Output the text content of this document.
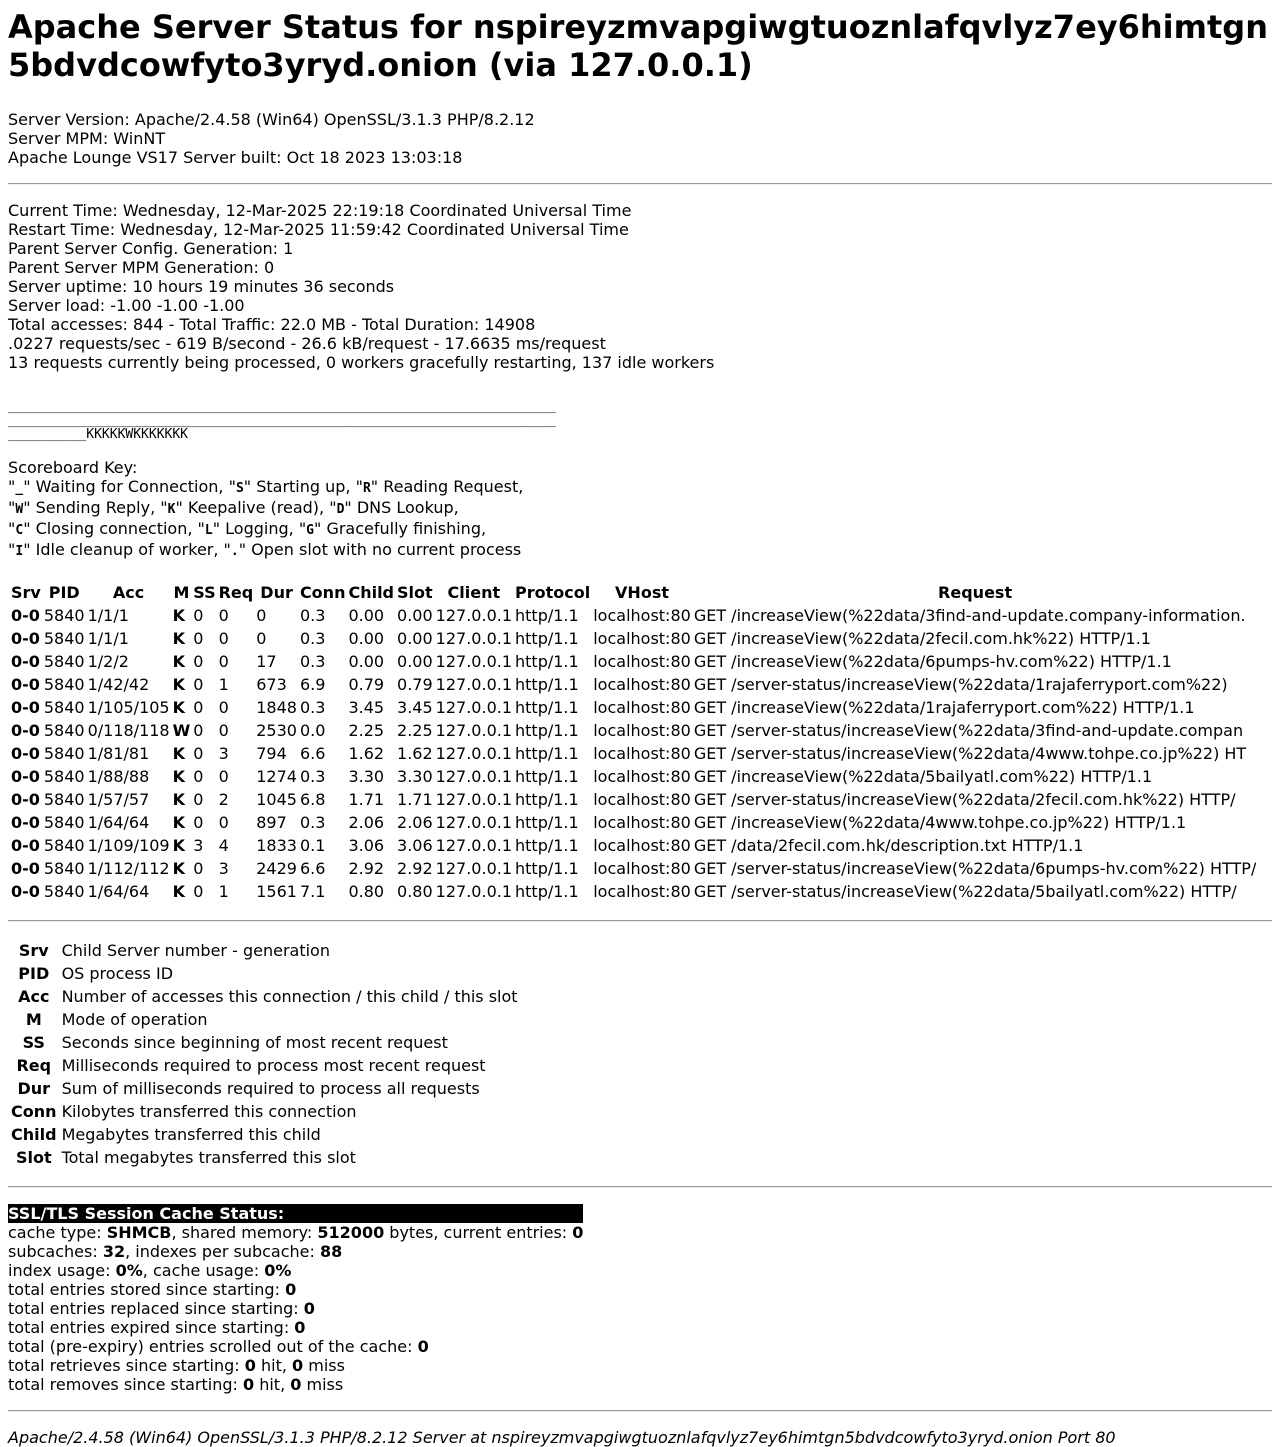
Apache Server Status for nspireyzmvapgiwgtuoznlafqvlyz7ey6himtgn5bdvdcowfyto3yryd.onion (via 127.0.0.1)
Server Version: Apache/2.4.58 (Win64) OpenSSL/3.1.3 PHP/8.2.12
Server MPM: WinNT
Apache Lounge VS17 Server built: Oct 18 2023 13:03:18
Current Time: Wednesday, 12-Mar-2025 22:19:18 Coordinated Universal Time
Restart Time: Wednesday, 12-Mar-2025 11:59:42 Coordinated Universal Time
Parent Server Config. Generation: 1
Parent Server MPM Generation: 0
Server uptime: 10 hours 19 minutes 36 seconds
Server load: -1.00 -1.00 -1.00
Total accesses: 844 - Total Traffic: 22.0 MB - Total Duration: 14908
.0227 requests/sec - 619 B/second - 26.6 kB/request - 17.6635 ms/request
13 requests currently being processed, 0 workers gracefully restarting, 137 idle workers
______________________________________________________________________
______________________________________________________________________
__________KKKKKWKKKKKKK
Scoreboard Key:
"_" Waiting for Connection, "S" Starting up, "R" Reading Request,
"W" Sending Reply, "K" Keepalive (read), "D" DNS Lookup,
"C" Closing connection, "L" Logging, "G" Gracefully finishing,
"I" Idle cleanup of worker, "." Open slot with no current process
Srv	PID	Acc	M	SS	Req	Dur	Conn	Child	Slot	Client	Protocol	VHost	Request
0-0	5840	1/1/1	K	0	0	0	0.3	0.00	0.00	127.0.0.1	http/1.1	localhost:80	GET /increaseView(%22data/3find-and-update.company-information.
0-0	5840	1/1/1	K	0	0	0	0.3	0.00	0.00	127.0.0.1	http/1.1	localhost:80	GET /increaseView(%22data/2fecil.com.hk%22) HTTP/1.1
0-0	5840	1/2/2	K	0	0	17	0.3	0.00	0.00	127.0.0.1	http/1.1	localhost:80	GET /increaseView(%22data/6pumps-hv.com%22) HTTP/1.1
0-0	5840	1/42/42	K	0	1	673	6.9	0.79	0.79	127.0.0.1	http/1.1	localhost:80	GET /server-status/increaseView(%22data/1rajaferryport.com%22)
0-0	5840	1/105/105	K	0	0	1848	0.3	3.45	3.45	127.0.0.1	http/1.1	localhost:80	GET /increaseView(%22data/1rajaferryport.com%22) HTTP/1.1
0-0	5840	0/118/118	W	0	0	2530	0.0	2.25	2.25	127.0.0.1	http/1.1	localhost:80	GET /server-status/increaseView(%22data/3find-and-update.compan
0-0	5840	1/81/81	K	0	3	794	6.6	1.62	1.62	127.0.0.1	http/1.1	localhost:80	GET /server-status/increaseView(%22data/4www.tohpe.co.jp%22) HT
0-0	5840	1/88/88	K	0	0	1274	0.3	3.30	3.30	127.0.0.1	http/1.1	localhost:80	GET /increaseView(%22data/5bailyatl.com%22) HTTP/1.1
0-0	5840	1/57/57	K	0	2	1045	6.8	1.71	1.71	127.0.0.1	http/1.1	localhost:80	GET /server-status/increaseView(%22data/2fecil.com.hk%22) HTTP/
0-0	5840	1/64/64	K	0	0	897	0.3	2.06	2.06	127.0.0.1	http/1.1	localhost:80	GET /increaseView(%22data/4www.tohpe.co.jp%22) HTTP/1.1
0-0	5840	1/109/109	K	3	4	1833	0.1	3.06	3.06	127.0.0.1	http/1.1	localhost:80	GET /data/2fecil.com.hk/description.txt HTTP/1.1
0-0	5840	1/112/112	K	0	3	2429	6.6	2.92	2.92	127.0.0.1	http/1.1	localhost:80	GET /server-status/increaseView(%22data/6pumps-hv.com%22) HTTP/
0-0	5840	1/64/64	K	0	1	1561	7.1	0.80	0.80	127.0.0.1	http/1.1	localhost:80	GET /server-status/increaseView(%22data/5bailyatl.com%22) HTTP/
Srv	Child Server number - generation
PID	OS process ID
Acc	Number of accesses this connection / this child / this slot
M	Mode of operation
SS	Seconds since beginning of most recent request
Req	Milliseconds required to process most recent request
Dur	Sum of milliseconds required to process all requests
Conn	Kilobytes transferred this connection
Child	Megabytes transferred this child
Slot	Total megabytes transferred this slot
SSL/TLS Session Cache Status:
cache type: SHMCB, shared memory: 512000 bytes, current entries: 0
subcaches: 32, indexes per subcache: 88
index usage: 0%, cache usage: 0%
total entries stored since starting: 0
total entries replaced since starting: 0
total entries expired since starting: 0
total (pre-expiry) entries scrolled out of the cache: 0
total retrieves since starting: 0 hit, 0 miss
total removes since starting: 0 hit, 0 miss
Apache/2.4.58 (Win64) OpenSSL/3.1.3 PHP/8.2.12 Server at nspireyzmvapgiwgtuoznlafqvlyz7ey6himtgn5bdvdcowfyto3yryd.onion Port 80
